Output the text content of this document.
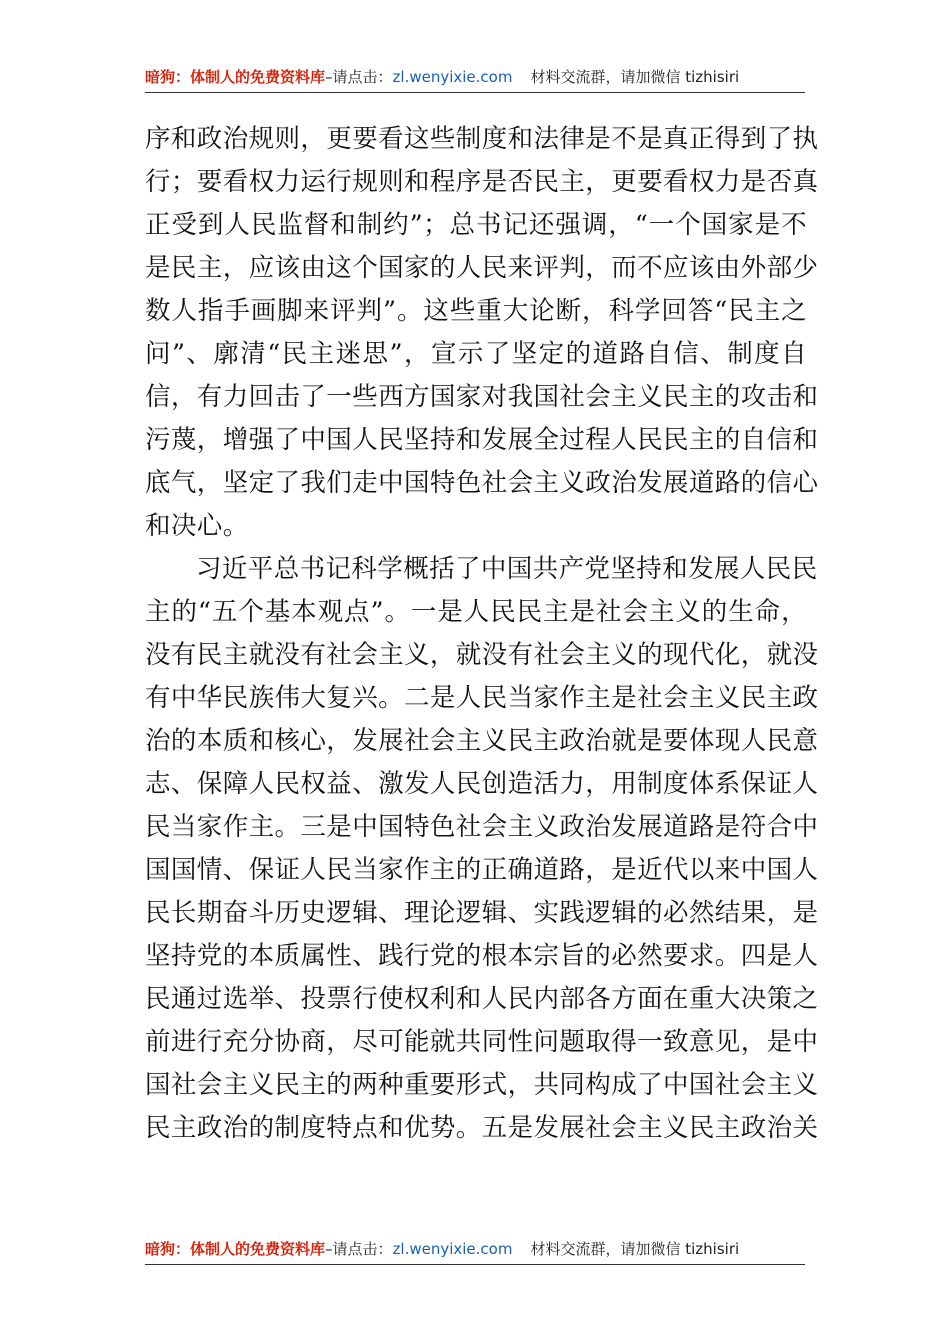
暗狗：体制人的免费资料库–请点击：zl.wenyixie.com 材料交流群，请加微信 tizhisiri
序和政治规则，更要看这些制度和法律是不是真正得到了执
行；要看权力运行规则和程序是否民主，更要看权力是否真
正受到人民监督和制约”；总书记还强调，“一个国家是不
是民主，应该由这个国家的人民来评判，而不应该由外部少
数人指手画脚来评判”。这些重大论断，科学回答“民主之
问”、廓清“民主迷思”，宣示了坚定的道路自信、制度自
信，有力回击了一些西方国家对我国社会主义民主的攻击和
污蔑，增强了中国人民坚持和发展全过程人民民主的自信和
底气，坚定了我们走中国特色社会主义政治发展道路的信心
和决心。
习近平总书记科学概括了中国共产党坚持和发展人民民
主的“五个基本观点”。一是人民民主是社会主义的生命，
没有民主就没有社会主义，就没有社会主义的现代化，就没
有中华民族伟大复兴。二是人民当家作主是社会主义民主政
治的本质和核心，发展社会主义民主政治就是要体现人民意
志、保障人民权益、激发人民创造活力，用制度体系保证人
民当家作主。三是中国特色社会主义政治发展道路是符合中
国国情、保证人民当家作主的正确道路，是近代以来中国人
民长期奋斗历史逻辑、理论逻辑、实践逻辑的必然结果，是
坚持党的本质属性、践行党的根本宗旨的必然要求。四是人
民通过选举、投票行使权利和人民内部各方面在重大决策之
前进行充分协商，尽可能就共同性问题取得一致意见，是中
国社会主义民主的两种重要形式，共同构成了中国社会主义
民主政治的制度特点和优势。五是发展社会主义民主政治关
暗狗：体制人的免费资料库–请点击：zl.wenyixie.com 材料交流群，请加微信 tizhisiri
